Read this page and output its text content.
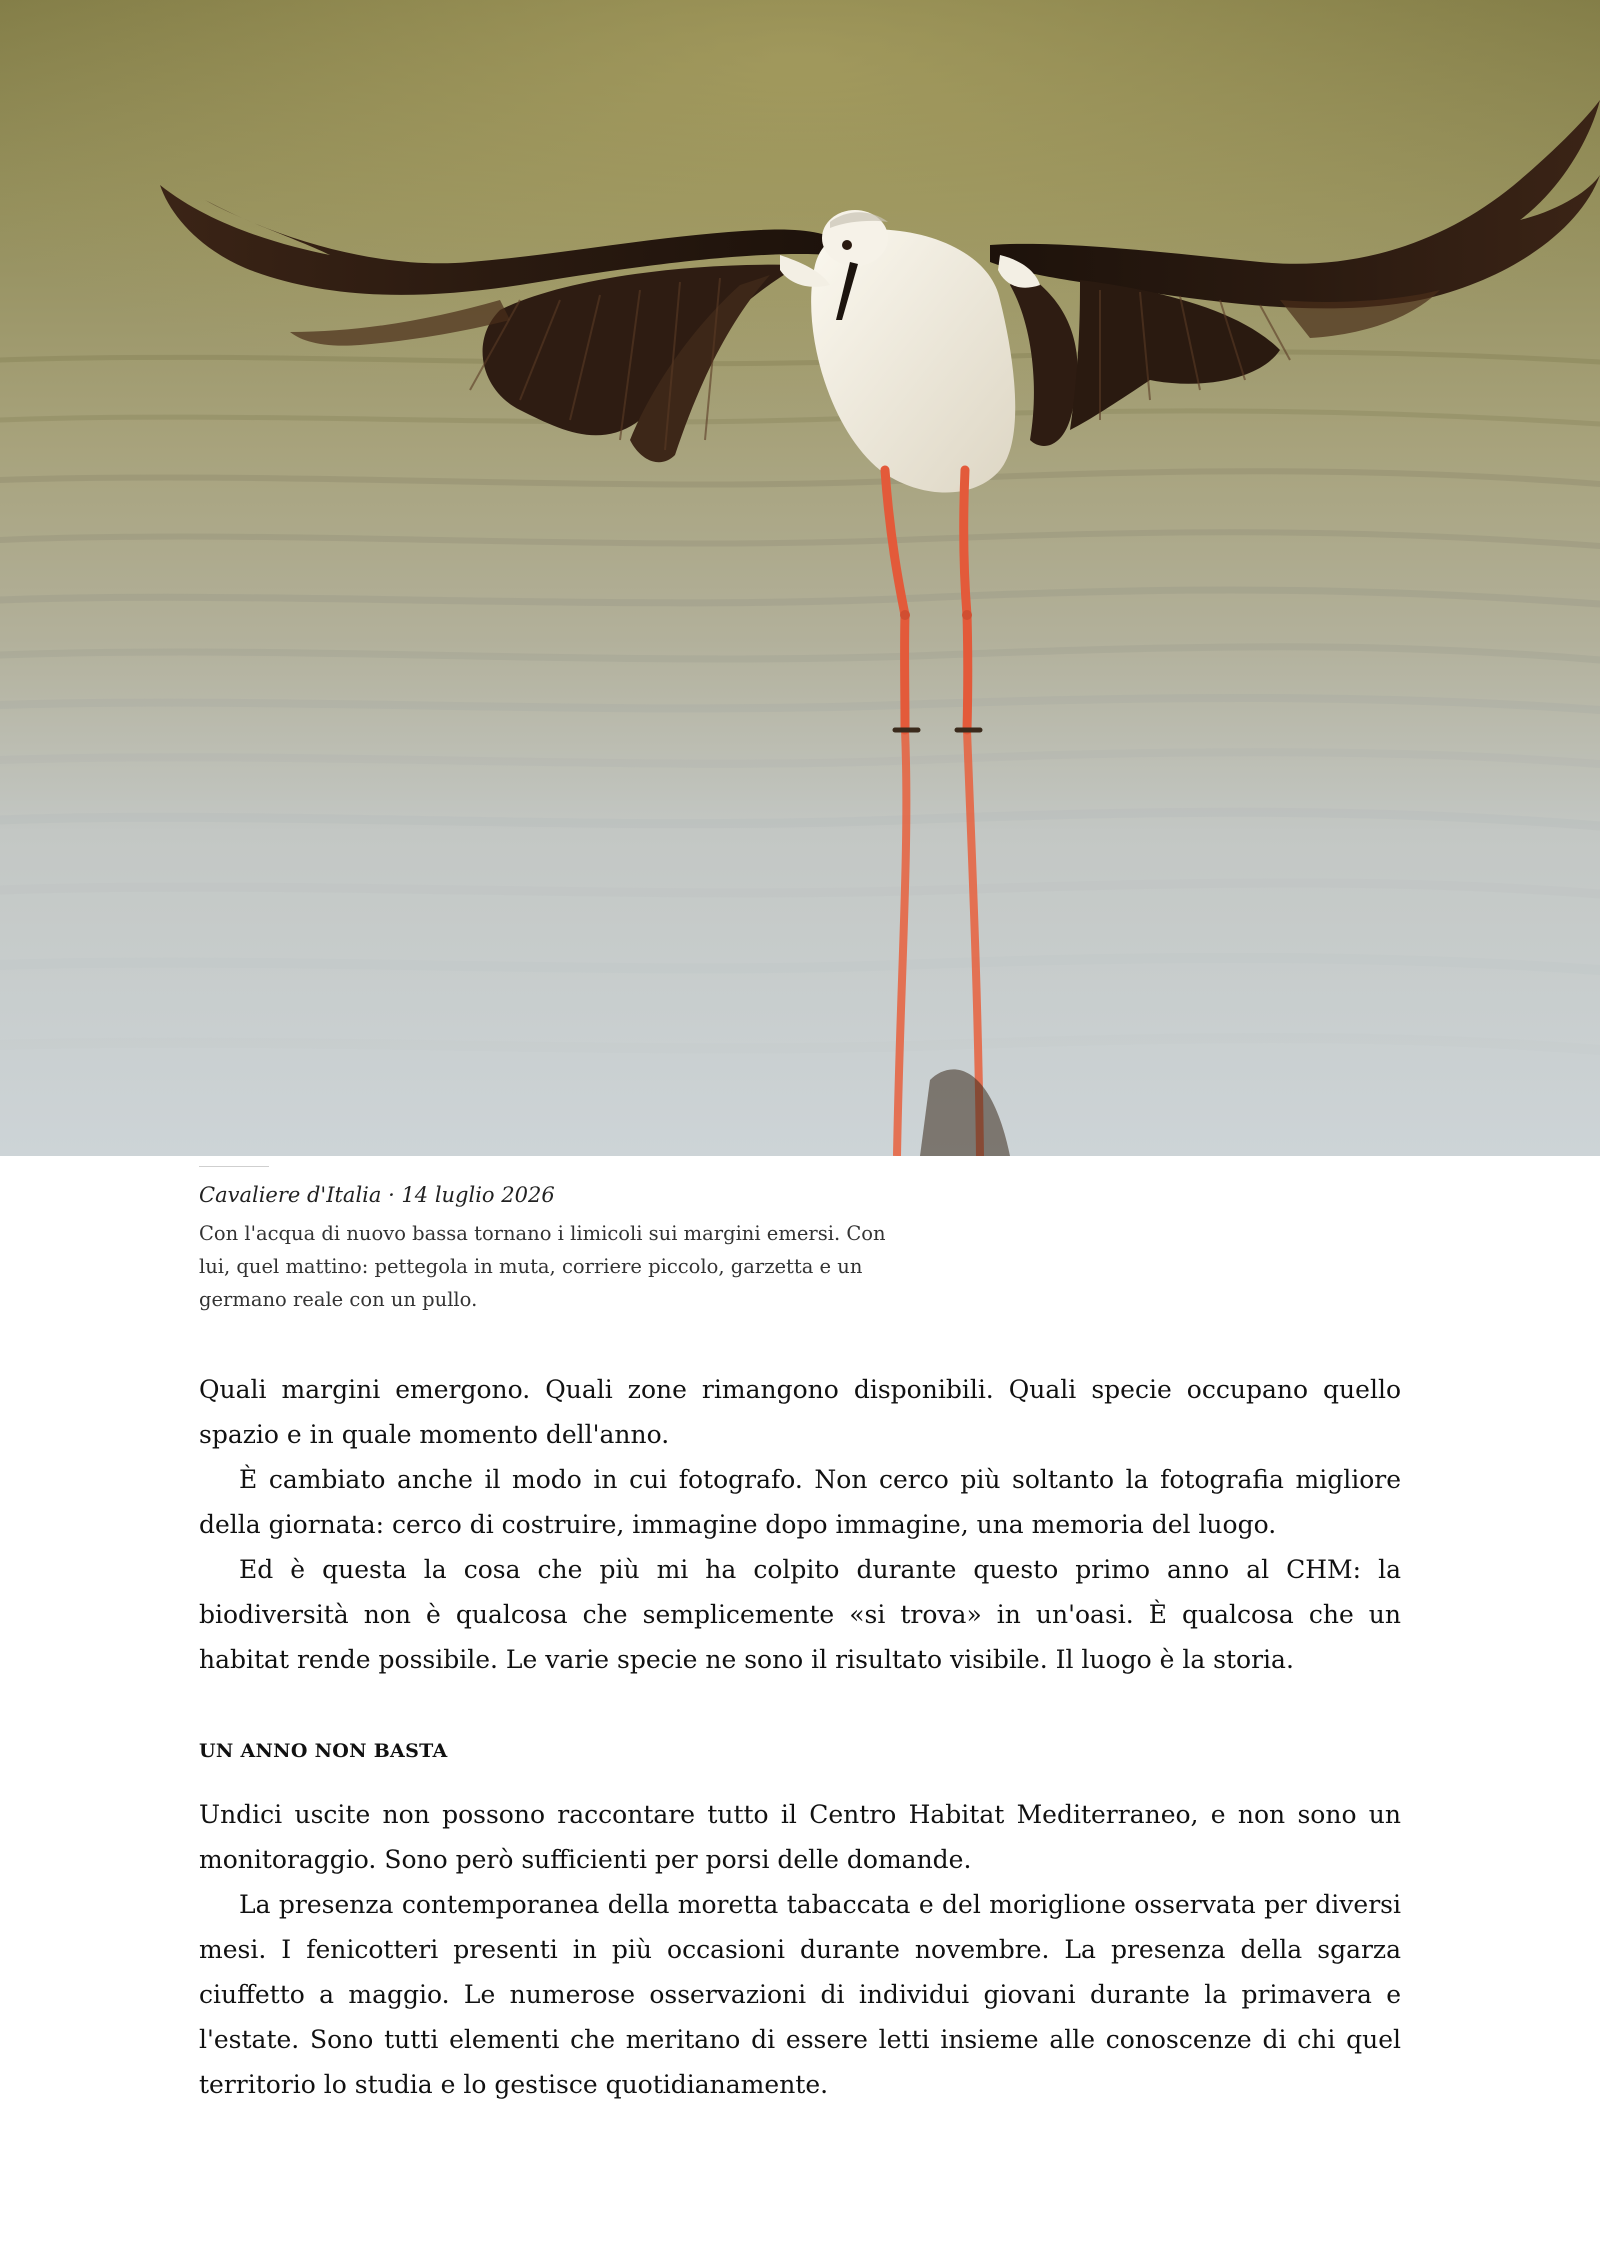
Cavaliere d'Italia · 14 luglio 2026

Con l'acqua di nuovo bassa tornano i limicoli sui margini emersi. Con lui, quel mattino: pettegola in muta, corriere piccolo, garzetta e un germano reale con un pullo.

Quali margini emergono. Quali zone rimangono disponibili. Quali specie occupano quello spazio e in quale momento dell'anno.

È cambiato anche il modo in cui fotografo. Non cerco più soltanto la fotografia migliore della giornata: cerco di costruire, immagine dopo immagine, una memoria del luogo.

Ed è questa la cosa che più mi ha colpito durante questo primo anno al CHM: la biodiversità non è qualcosa che semplicemente «si trova» in un'oasi. È qualcosa che un habitat rende possibile. Le varie specie ne sono il risultato visibile. Il luogo è la storia.

UN ANNO NON BASTA

Undici uscite non possono raccontare tutto il Centro Habitat Mediterraneo, e non sono un monitoraggio. Sono però sufficienti per porsi delle domande.

La presenza contemporanea della moretta tabaccata e del moriglione osservata per diversi mesi. I fenicotteri presenti in più occasioni durante novembre. La presenza della sgarza ciuffetto a maggio. Le numerose osservazioni di individui giovani durante la primavera e l'estate. Sono tutti elementi che meritano di essere letti insieme alle conoscenze di chi quel territorio lo studia e lo gestisce quotidianamente.
